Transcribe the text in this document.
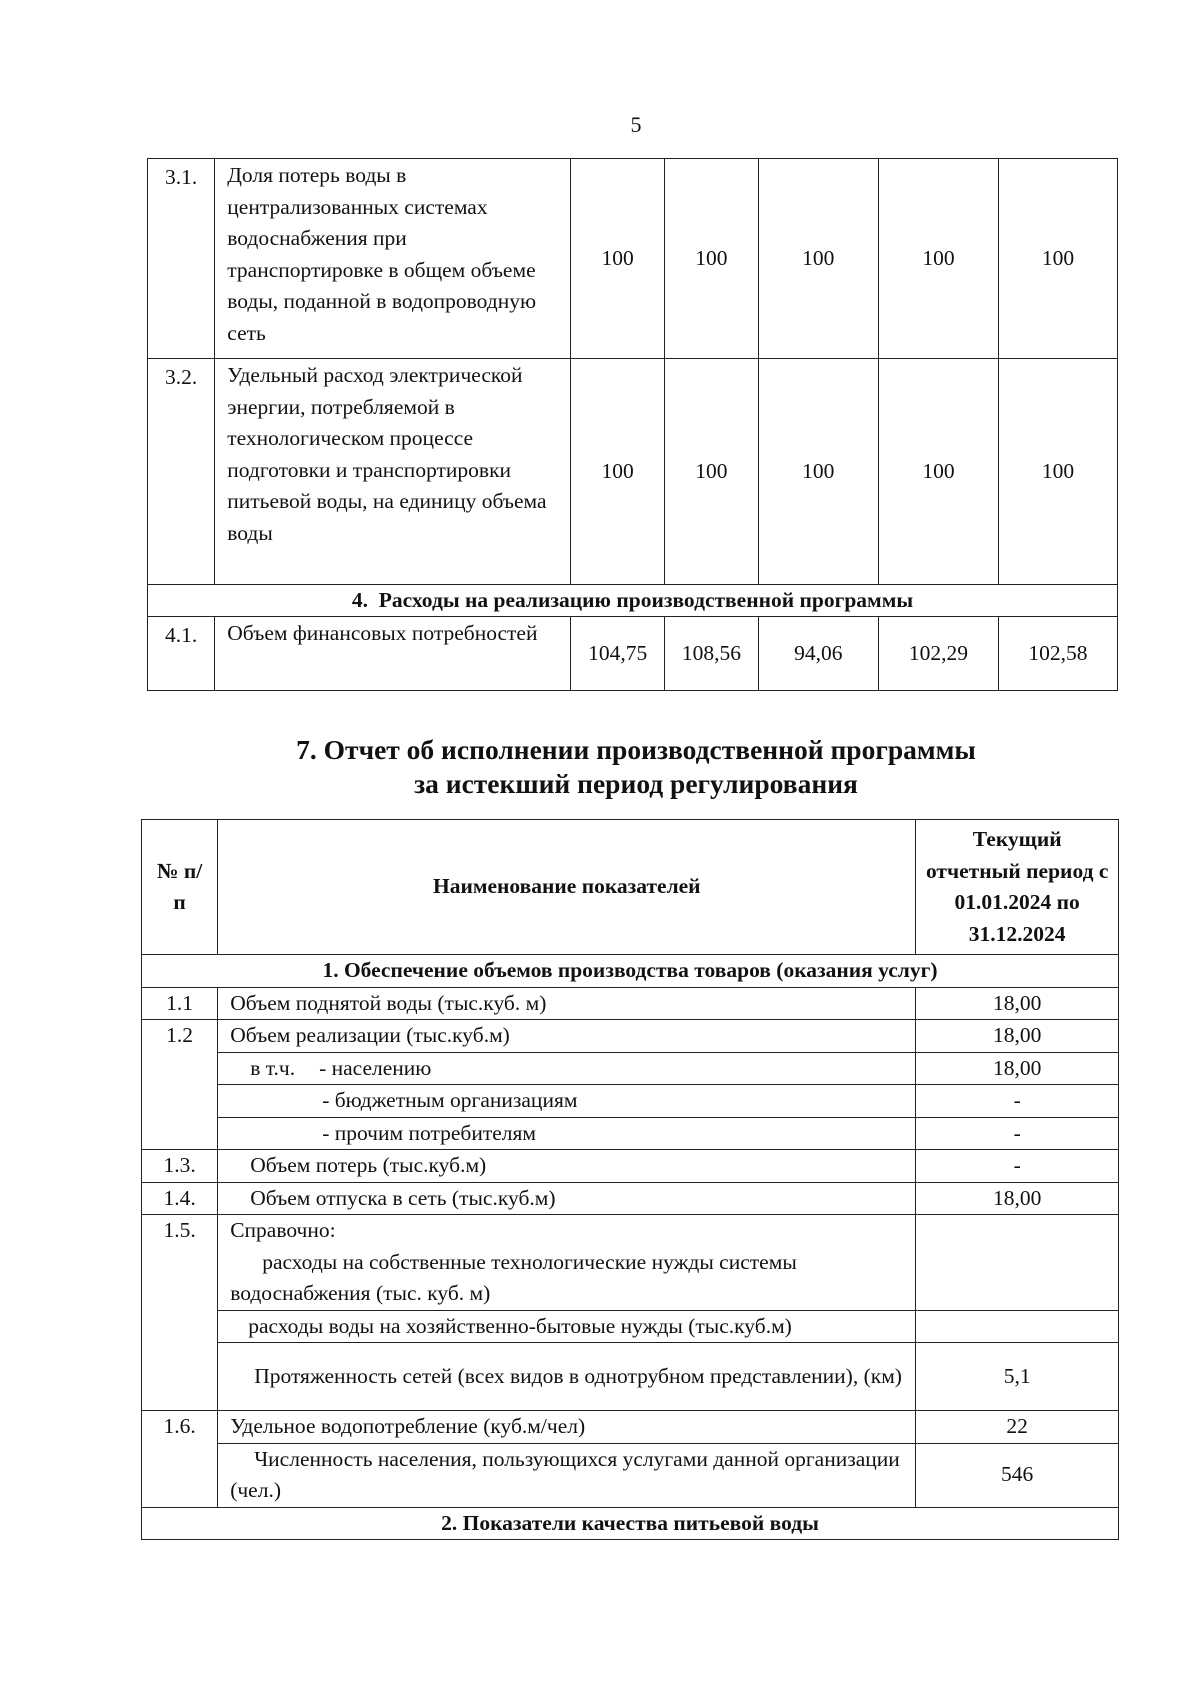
5
3.1.	Доля потерь воды в централизованных системах водоснабжения при транспортировке в общем объеме воды, поданной в водопроводную сеть	100	100	100	100	100
3.2.	Удельный расход электрической энергии, потребляемой в технологическом процессе подготовки и транспортировки питьевой воды, на единицу объема воды	100	100	100	100	100
4.  Расходы на реализацию производственной программы						
4.1.	Объем финансовых потребностей	104,75	108,56	94,06	102,29	102,58
7. Отчет об исполнении производственной программы
за истекший период регулирования
№ п/п	Наименование показателей	Текущий отчетный период с 01.01.2024 по 31.12.2024
1. Обеспечение объемов производства товаров (оказания услуг)		
1.1	Объем поднятой воды (тыс.куб. м)	18,00
1.2	Объем реализации (тыс.куб.м)	18,00
	в т.ч. - населению	18,00
	- бюджетным организациям	-
	- прочим потребителям	-
1.3.	Объем потерь (тыс.куб.м)	-
1.4.	Объем отпуска в сеть (тыс.куб.м)	18,00
1.5.	Справочно:
расходы на собственные технологические нужды системы водоснабжения (тыс. куб. м)	

	расходы воды на хозяйственно-бытовые нужды (тыс.куб.м)	

	Протяженность сетей (всех видов в однотрубном представлении), (км)	5,1
1.6.	Удельное водопотребление (куб.м/чел)	22

	Численность населения, пользующихся услугами данной организации (чел.)	546
2. Показатели качества питьевой воды		
